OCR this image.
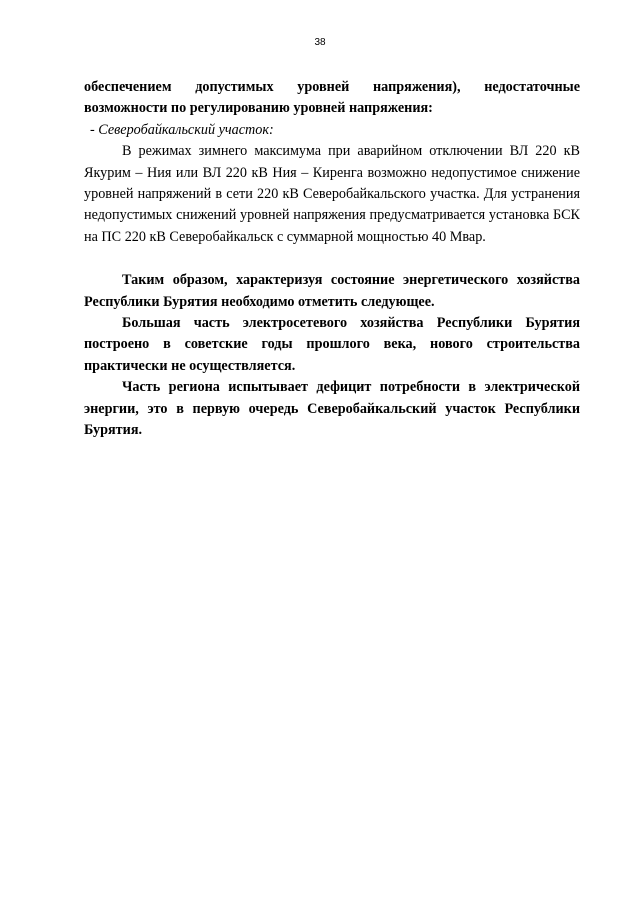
38

обеспечением допустимых уровней напряжения), недостаточные возможности по регулированию уровней напряжения:

- Северобайкальский участок:

В режимах зимнего максимума при аварийном отключении ВЛ 220 кВ Якурим – Ния или ВЛ 220 кВ Ния – Киренга возможно недопустимое снижение уровней напряжений в сети 220 кВ Северобайкальского участка. Для устранения недопустимых снижений уровней напряжения предусматривается установка БСК на ПС 220 кВ Северобайкальск с суммарной мощностью 40 Мвар.

Таким образом, характеризуя состояние энергетического хозяйства Республики Бурятия необходимо отметить следующее.

Большая часть электросетевого хозяйства Республики Бурятия построено в советские годы прошлого века, нового строительства практически не осуществляется.

Часть региона испытывает дефицит потребности в электрической энергии, это в первую очередь Северобайкальский участок Республики Бурятия.
